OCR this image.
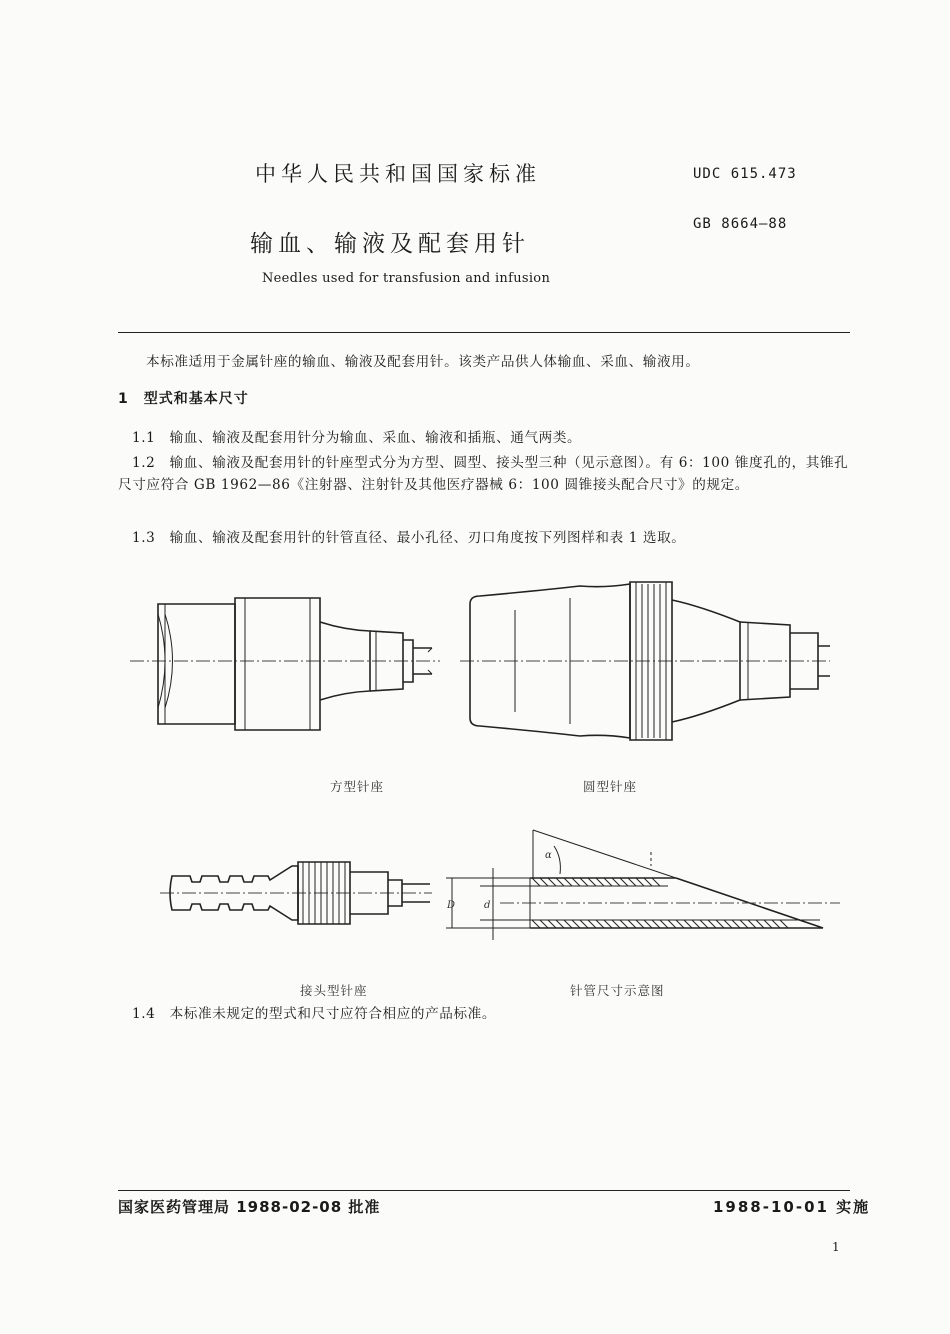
中华人民共和国国家标准	UDC 615.473
GB 8664—88
输血、输液及配套用针
Needles used for transfusion and infusion
本标准适用于金属针座的输血、输液及配套用针。该类产品供人体输血、采血、输液用。
1　型式和基本尺寸
1.1　输血、输液及配套用针分为输血、采血、输液和插瓶、通气两类。
1.2　输血、输液及配套用针的针座型式分为方型、圆型、接头型三种（见示意图）。有 6：100 锥度孔的，其锥孔尺寸应符合 GB 1962—86《注射器、注射针及其他医疗器械 6：100 圆锥接头配合尺寸》的规定。
1.3　输血、输液及配套用针的针管直径、最小孔径、刃口角度按下列图样和表 1 选取。
α
D	d
方型针座	圆型针座
接头型针座	针管尺寸示意图
1.4　本标准未规定的型式和尺寸应符合相应的产品标准。
国家医药管理局 1988-02-08 批准	1988-10-01 实施
1
